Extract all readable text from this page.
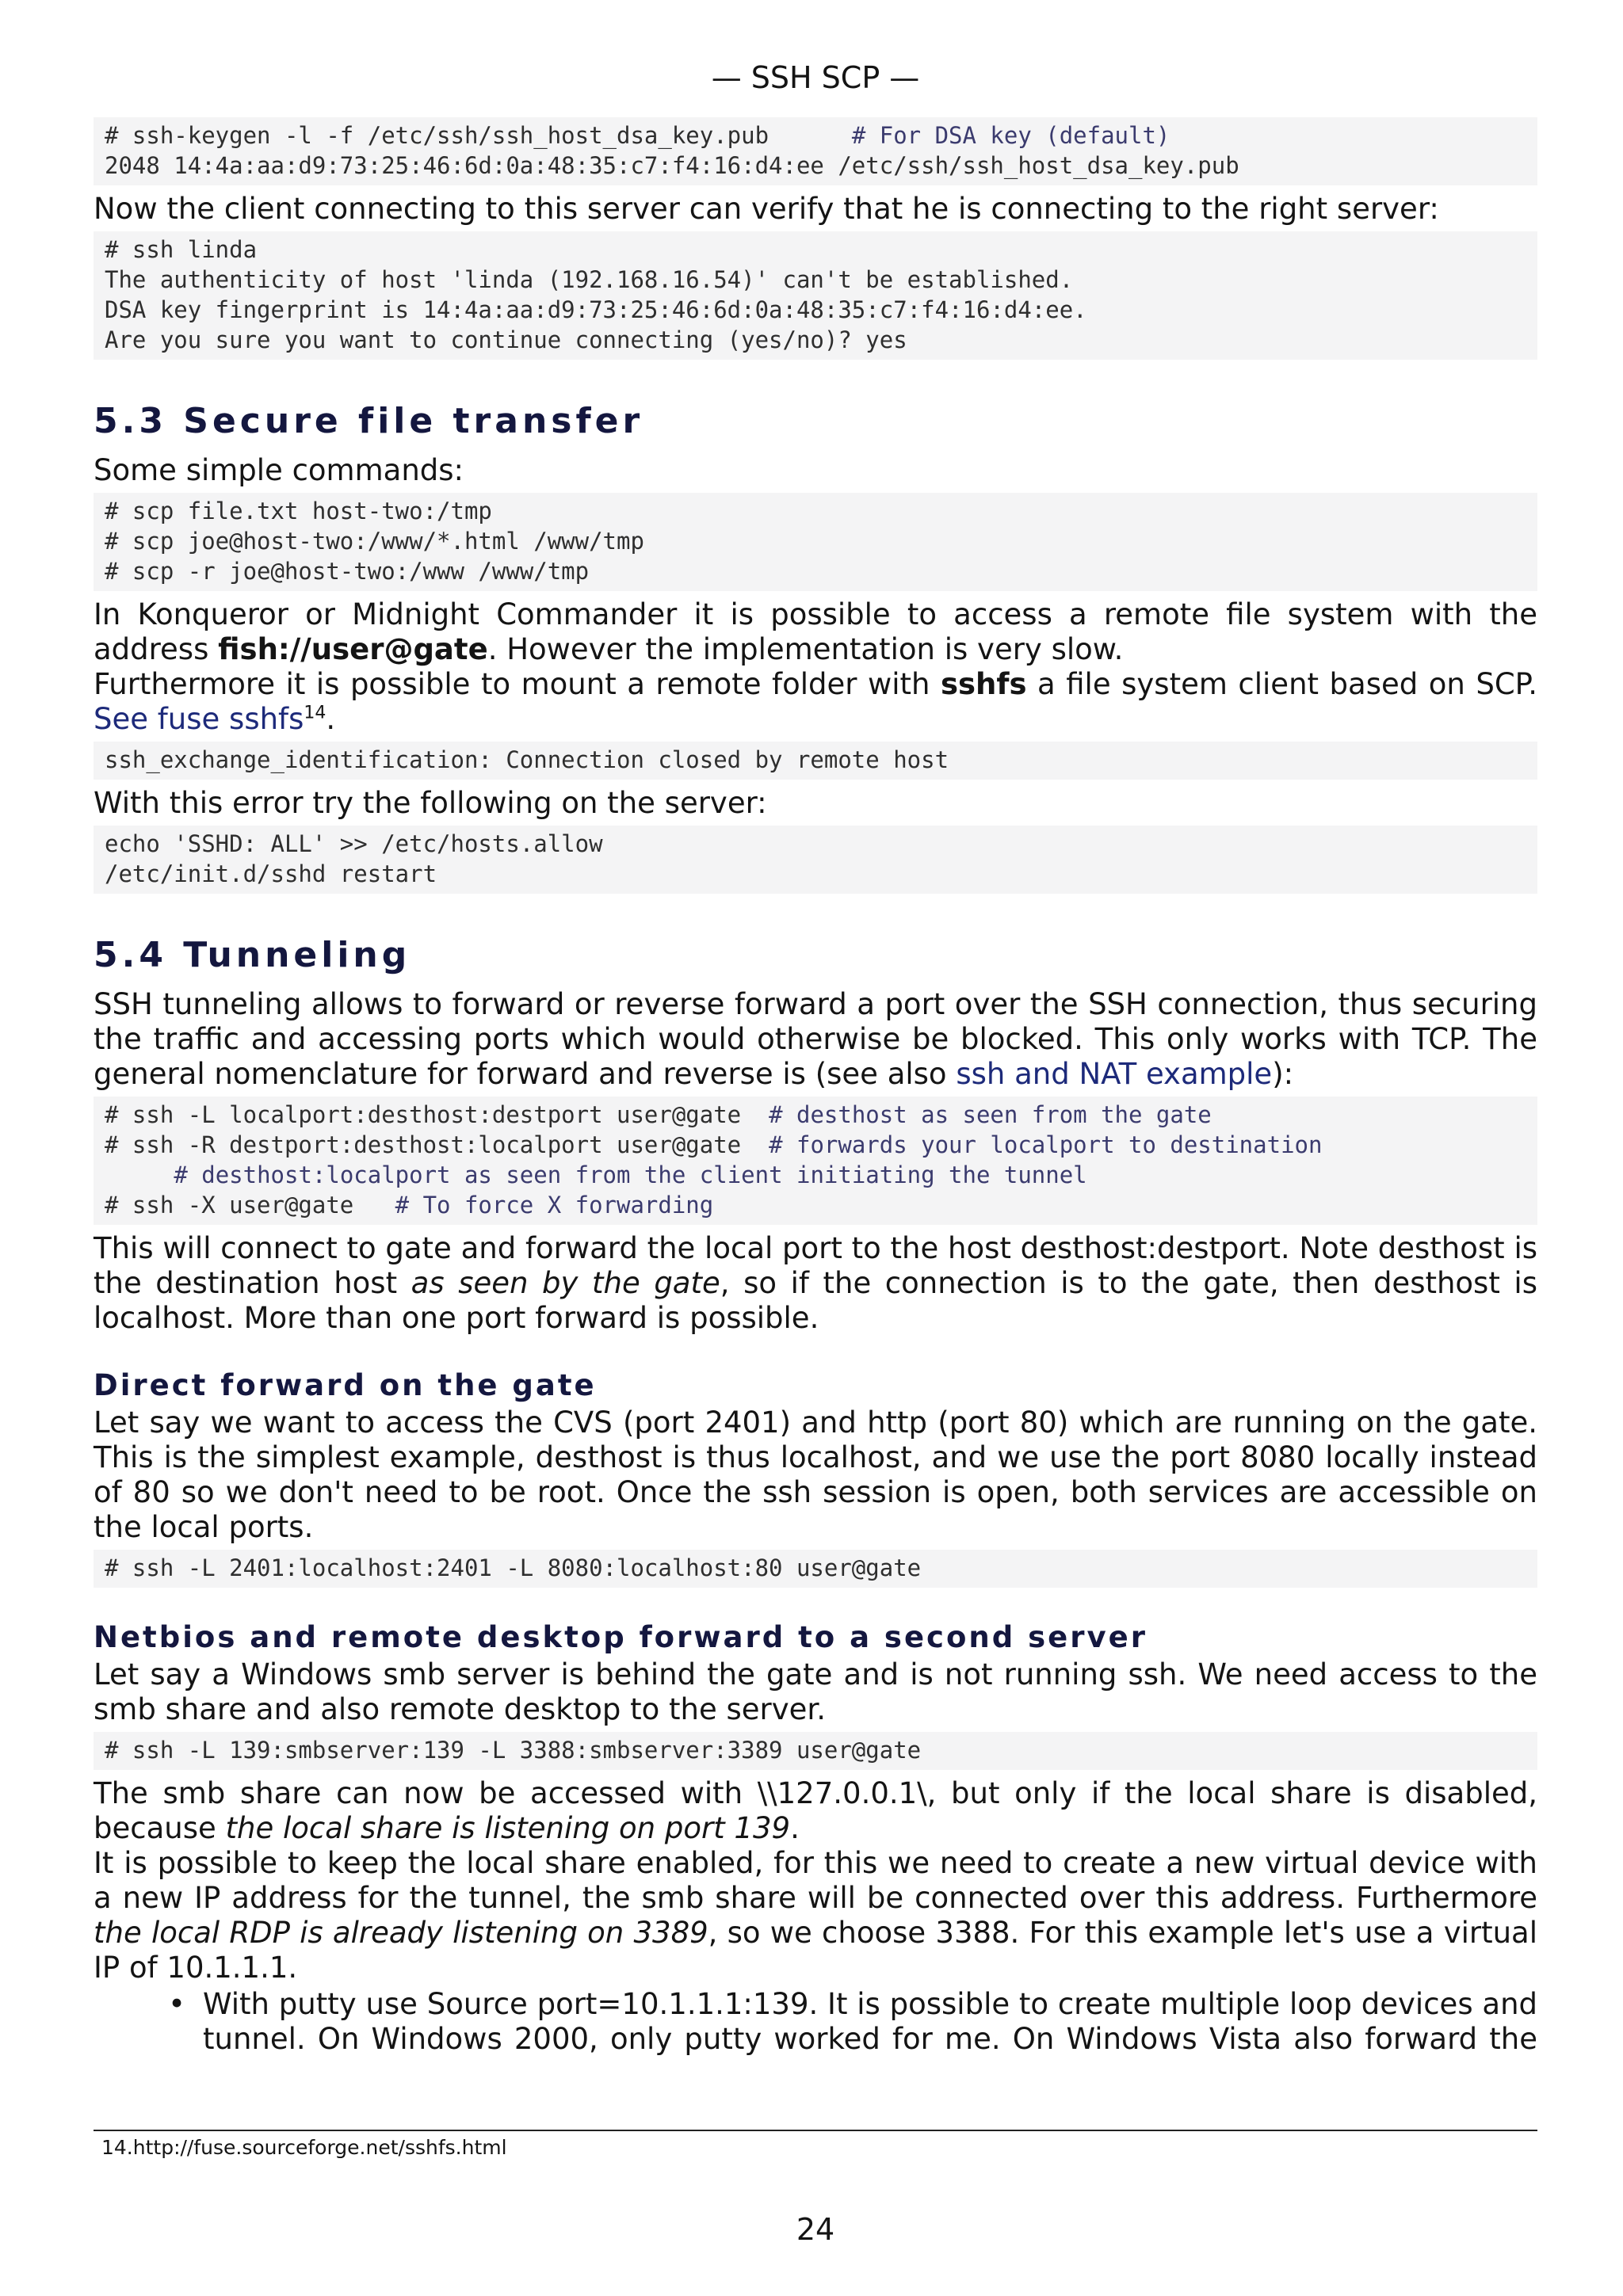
— SSH SCP —
# ssh-keygen -l -f /etc/ssh/ssh_host_dsa_key.pub      # For DSA key (default)
2048 14:4a:aa:d9:73:25:46:6d:0a:48:35:c7:f4:16:d4:ee /etc/ssh/ssh_host_dsa_key.pub
Now the client connecting to this server can verify that he is connecting to the right server:
# ssh linda
The authenticity of host 'linda (192.168.16.54)' can't be established.
DSA key fingerprint is 14:4a:aa:d9:73:25:46:6d:0a:48:35:c7:f4:16:d4:ee.
Are you sure you want to continue connecting (yes/no)? yes
5.3 Secure file transfer
Some simple commands:
# scp file.txt host-two:/tmp
# scp joe@host-two:/www/*.html /www/tmp
# scp -r joe@host-two:/www /www/tmp
In Konqueror or Midnight Commander it is possible to access a remote file system with the address fish://user@gate. However the implementation is very slow.
Furthermore it is possible to mount a remote folder with sshfs a file system client based on SCP. See fuse sshfs$^{14}$.
ssh_exchange_identification: Connection closed by remote host
With this error try the following on the server:
echo 'SSHD: ALL' >> /etc/hosts.allow
/etc/init.d/sshd restart
5.4 Tunneling
SSH tunneling allows to forward or reverse forward a port over the SSH connection, thus securing the traffic and accessing ports which would otherwise be blocked. This only works with TCP. The general nomenclature for forward and reverse is (see also ssh and NAT example):
# ssh -L localport:desthost:destport user@gate  # desthost as seen from the gate
# ssh -R destport:desthost:localport user@gate  # forwards your localport to destination
# desthost:localport as seen from the client initiating the tunnel
# ssh -X user@gate   # To force X forwarding
This will connect to gate and forward the local port to the host desthost:destport. Note desthost is the destination host as seen by the gate, so if the connection is to the gate, then desthost is localhost. More than one port forward is possible.
Direct forward on the gate
Let say we want to access the CVS (port 2401) and http (port 80) which are running on the gate. This is the simplest example, desthost is thus localhost, and we use the port 8080 locally instead of 80 so we don't need to be root. Once the ssh session is open, both services are accessible on the local ports.
# ssh -L 2401:localhost:2401 -L 8080:localhost:80 user@gate
Netbios and remote desktop forward to a second server
Let say a Windows smb server is behind the gate and is not running ssh. We need access to the smb share and also remote desktop to the server.
# ssh -L 139:smbserver:139 -L 3388:smbserver:3389 user@gate
The smb share can now be accessed with \\127.0.0.1\, but only if the local share is disabled, because the local share is listening on port 139.
It is possible to keep the local share enabled, for this we need to create a new virtual device with a new IP address for the tunnel, the smb share will be connected over this address. Furthermore the local RDP is already listening on 3389, so we choose 3388. For this example let's use a virtual IP of 10.1.1.1.
• With putty use Source port=10.1.1.1:139. It is possible to create multiple loop devices and tunnel. On Windows 2000, only putty worked for me. On Windows Vista also forward the
14.http://fuse.sourceforge.net/sshfs.html
24
